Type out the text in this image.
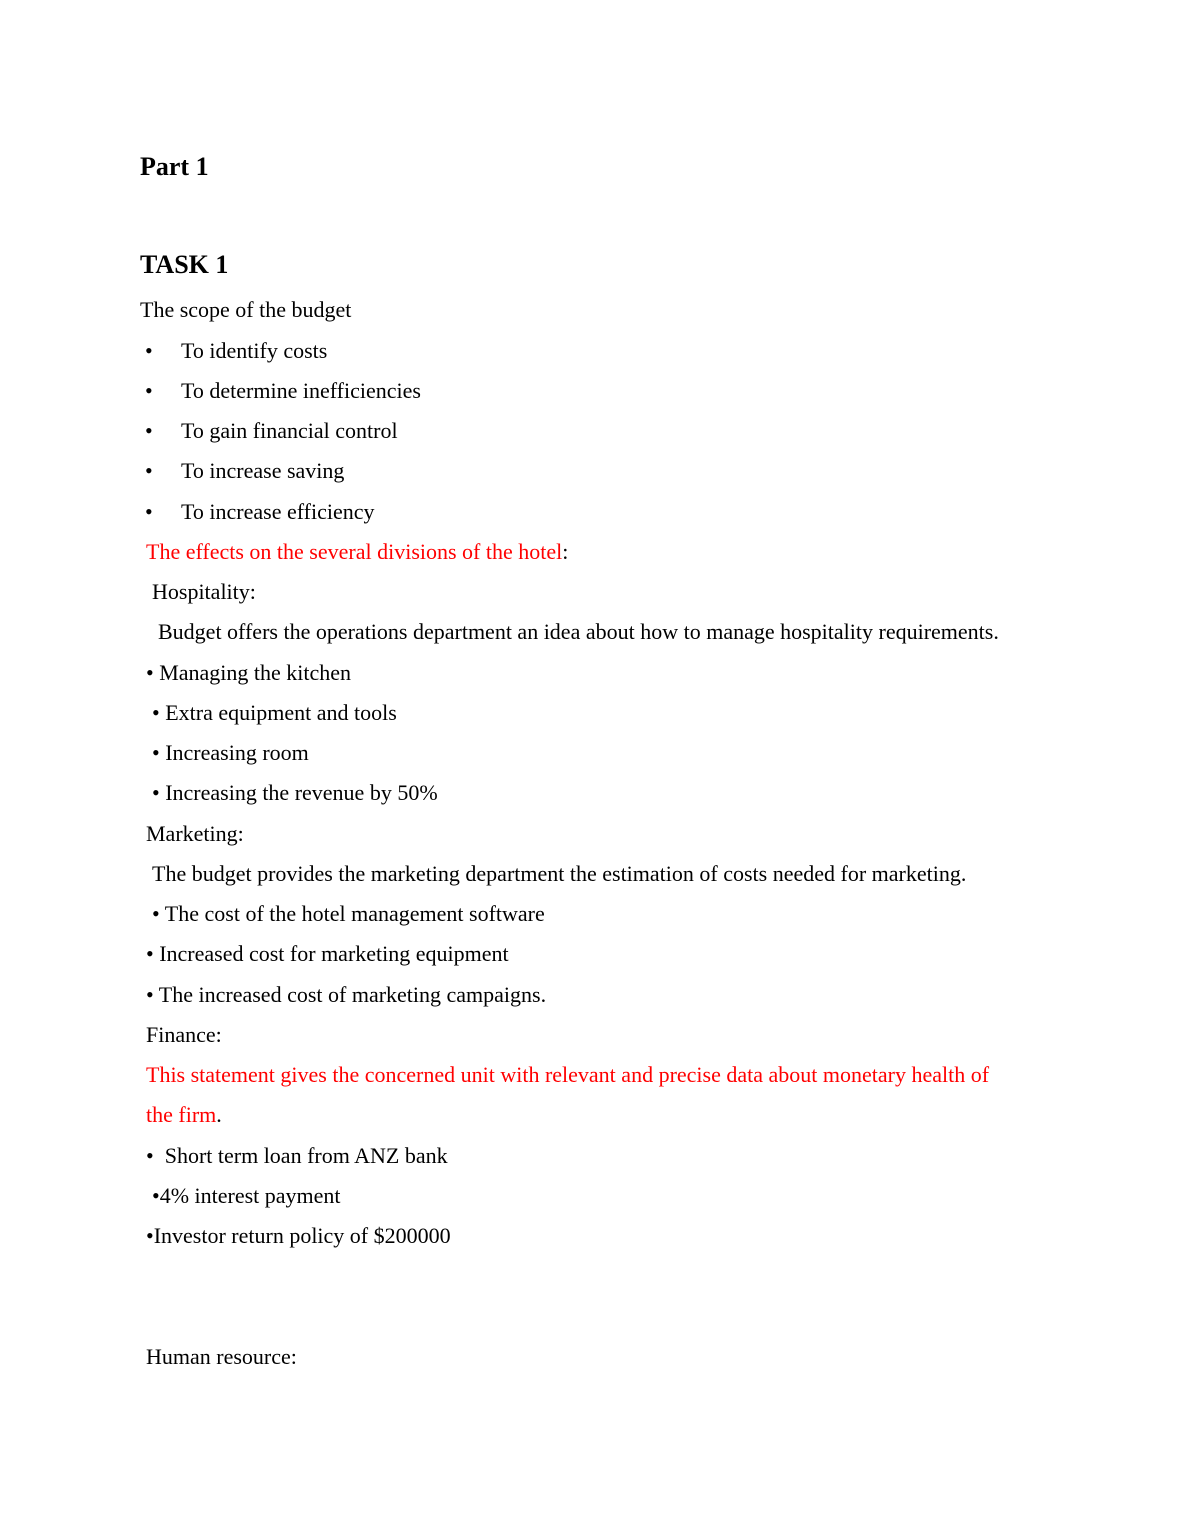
Part 1
TASK 1
The scope of the budget
• To identify costs
• To determine inefficiencies
• To gain financial control
• To increase saving
• To increase efficiency
The effects on the several divisions of the hotel:
Hospitality:
Budget offers the operations department an idea about how to manage hospitality requirements.
• Managing the kitchen
• Extra equipment and tools
• Increasing room
• Increasing the revenue by 50%
Marketing:
The budget provides the marketing department the estimation of costs needed for marketing.
• The cost of the hotel management software
• Increased cost for marketing equipment
• The increased cost of marketing campaigns.
Finance:
This statement gives the concerned unit with relevant and precise data about monetary health of
the firm.
•  Short term loan from ANZ bank
•4% interest payment
•Investor return policy of $200000
Human resource:
